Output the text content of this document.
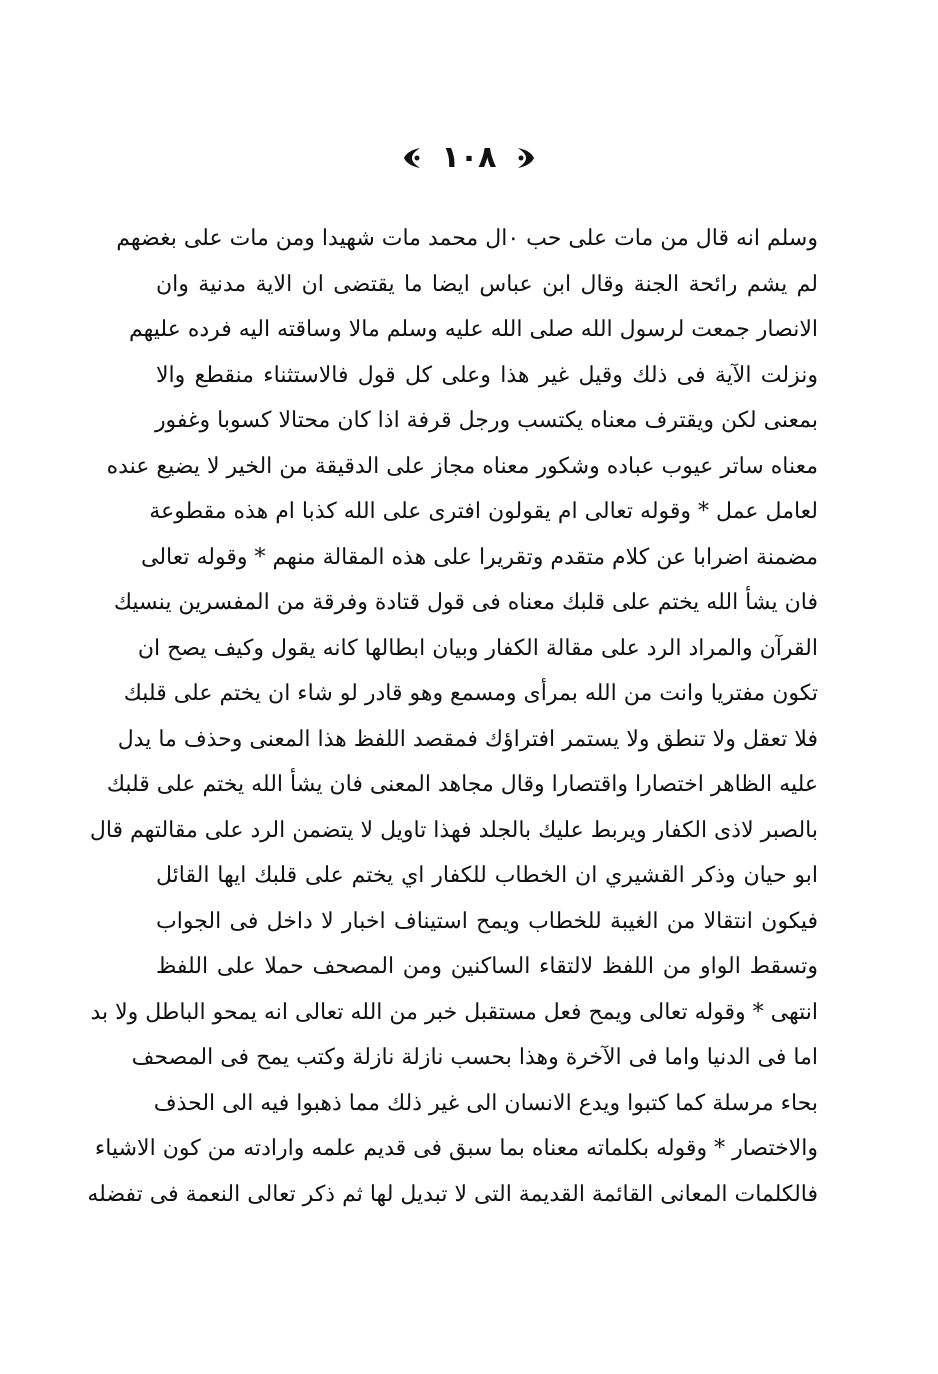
١٠٨
وسلم انه قال من مات على حب ٠ال محمد مات شهيدا ومن مات على بغضهم
لم يشم رائحة الجنة وقال ابن عباس ايضا ما يقتضى ان الاية مدنية وان
الانصار جمعت لرسول الله صلى الله عليه وسلم مالا وساقته اليه فرده عليهم
ونزلت الآية فى ذلك وقيل غير هذا وعلى كل قول فالاستثناء منقطع والا
بمعنى لكن ويقترف معناه يكتسب ورجل قرفة اذا كان محتالا كسوبا وغفور
معناه ساتر عيوب عباده وشكور معناه مجاز على الدقيقة من الخير لا يضيع عنده
لعامل عمل * وقوله تعالى ام يقولون افترى على الله كذبا ام هذه مقطوعة
مضمنة اضرابا عن كلام متقدم وتقريرا على هذه المقالة منهم * وقوله تعالى
فان يشأ الله يختم على قلبك معناه فى قول قتادة وفرقة من المفسرين ينسيك
القرآن والمراد الرد على مقالة الكفار وبيان ابطالها كانه يقول وكيف يصح ان
تكون مفتريا وانت من الله بمرأى ومسمع وهو قادر لو شاء ان يختم على قلبك
فلا تعقل ولا تنطق ولا يستمر افتراؤك فمقصد اللفظ هذا المعنى وحذف ما يدل
عليه الظاهر اختصارا واقتصارا وقال مجاهد المعنى فان يشأ الله يختم على قلبك
بالصبر لاذى الكفار ويربط عليك بالجلد فهذا تاويل لا يتضمن الرد على مقالتهم قال
ابو حيان وذكر القشيري ان الخطاب للكفار اي يختم على قلبك ايها القائل
فيكون انتقالا من الغيبة للخطاب ويمح استيناف اخبار لا داخل فى الجواب
وتسقط الواو من اللفظ لالتقاء الساكنين ومن المصحف حملا على اللفظ
انتهى * وقوله تعالى ويمح فعل مستقبل خبر من الله تعالى انه يمحو الباطل ولا بد
اما فى الدنيا واما فى الآخرة وهذا بحسب نازلة نازلة وكتب يمح فى المصحف
بحاء مرسلة كما كتبوا ويدع الانسان الى غير ذلك مما ذهبوا فيه الى الحذف
والاختصار * وقوله بكلماته معناه بما سبق فى قديم علمه وارادته من كون الاشياء
فالكلمات المعانى القائمة القديمة التى لا تبديل لها ثم ذكر تعالى النعمة فى تفضله
